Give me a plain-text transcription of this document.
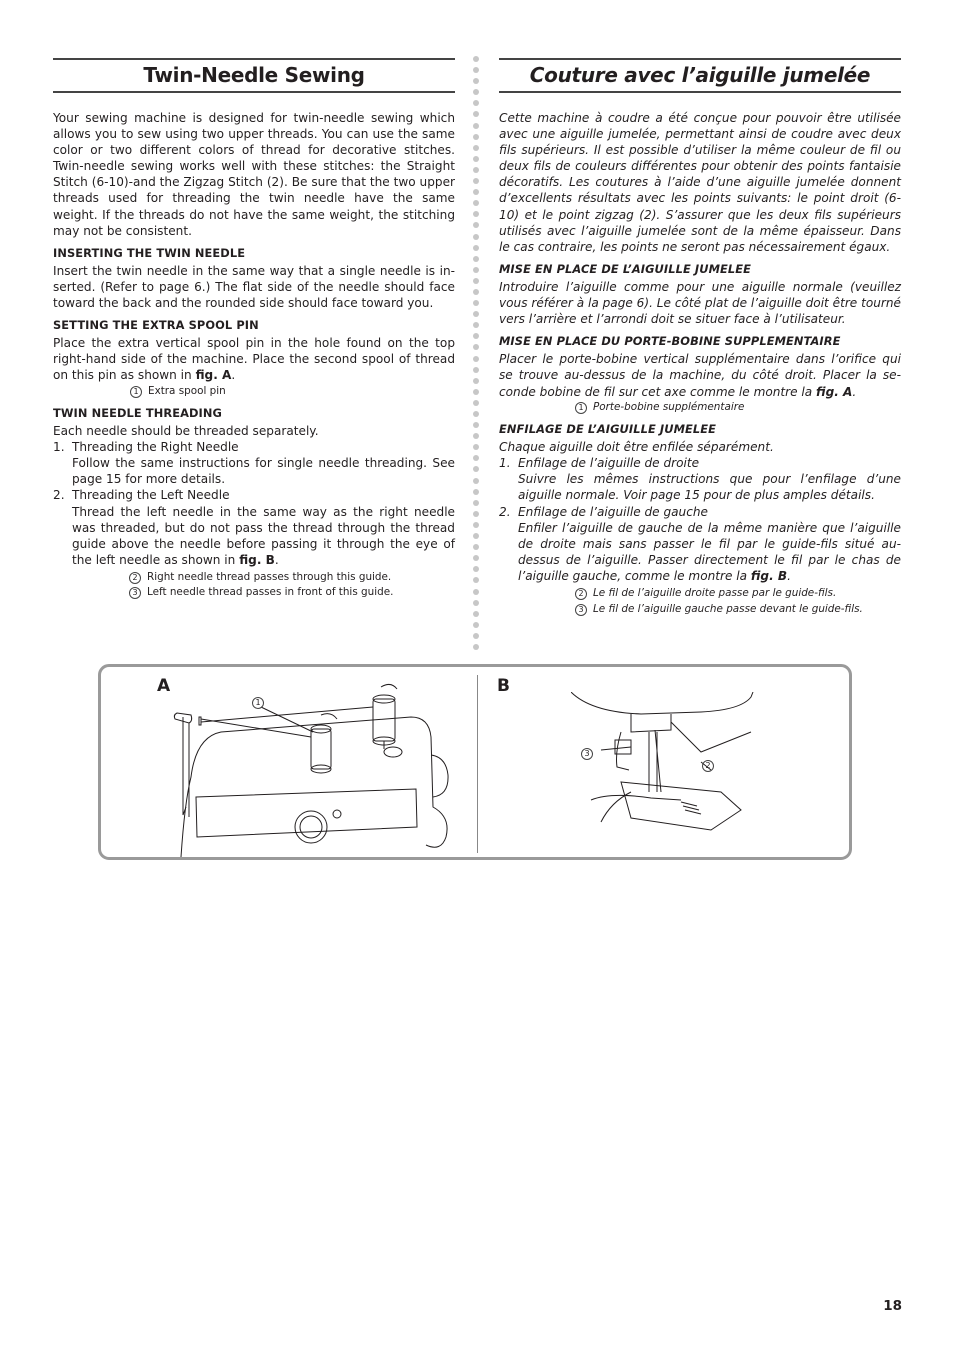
Twin-Needle Sewing

Your sewing machine is designed for twin-needle sewing which allows you to sew using two upper threads. You can use the same color or two different colors of thread for decorative stitches. Twin-needle sewing works well with these stitches: the Straight Stitch (6-10)-and the Zigzag Stitch (2). Be sure that the two upper threads used for threading the twin needle have the same weight. If the threads do not have the same weight, the stitching may not be consistent.

INSERTING THE TWIN NEEDLE

Insert the twin needle in the same way that a single needle is in-serted. (Refer to page 6.) The flat side of the needle should face toward the back and the rounded side should face toward you.

SETTING THE EXTRA SPOOL PIN

Place the extra vertical spool pin in the hole found on the top right-hand side of the machine. Place the second spool of thread on this pin as shown in fig. A.

1 Extra spool pin

TWIN NEEDLE THREADING

Each needle should be threaded separately.

1. Threading the Right Needle

Follow the same instructions for single needle threading. See page 15 for more details.

2. Threading the Left Needle

Thread the left needle in the same way as the right needle was threaded, but do not pass the thread through the thread guide above the needle before passing it through the eye of the left needle as shown in fig. B.

2 Right needle thread passes through this guide.

3 Left needle thread passes in front of this guide.

Couture avec l’aiguille jumelée

Cette machine à coudre a été conçue pour pouvoir être utilisée avec une aiguille jumelée, permettant ainsi de coudre avec deux fils supérieurs. Il est possible d’utiliser la même couleur de fil ou deux fils de couleurs différentes pour obtenir des points fantaisie décoratifs. Les coutures à l’aide d’une aiguille jumelée donnent d’excellents résultats avec les points suivants: le point droit (6-10) et le point zigzag (2). S’assurer que les deux fils supérieurs utilisés avec l’aiguille jumelée sont de la même épaisseur. Dans le cas contraire, les points ne seront pas nécessairement égaux.

MISE EN PLACE DE L’AIGUILLE JUMELEE

Introduire l’aiguille comme pour une aiguille normale (veuillez vous référer à la page 6). Le côté plat de l’aiguille doit être tourné vers l’arrière et l’arrondi doit se situer face à l’utilisateur.

MISE EN PLACE DU PORTE-BOBINE SUPPLEMENTAIRE

Placer le porte-bobine vertical supplémentaire dans l’orifice qui se trouve au-dessus de la machine, du côté droit. Placer la se-conde bobine de fil sur cet axe comme le montre la fig. A.

1 Porte-bobine supplémentaire

ENFILAGE DE L’AIGUILLE JUMELEE

Chaque aiguille doit être enfilée séparément.

1. Enfilage de l’aiguille de droite

Suivre les mêmes instructions que pour l’enfilage d’une aiguille normale. Voir page 15 pour de plus amples détails.

2. Enfilage de l’aiguille de gauche

Enfiler l’aiguille de gauche de la même manière que l’aiguille de droite mais sans passer le fil par le guide-fils situé au-dessus de l’aiguille. Passer directement le fil par le chas de l’aiguille gauche, comme le montre la fig. B.

2 Le fil de l’aiguille droite passe par le guide-fils.

3 Le fil de l’aiguille gauche passe devant le guide-fils.

A	B
1
3
2
18
